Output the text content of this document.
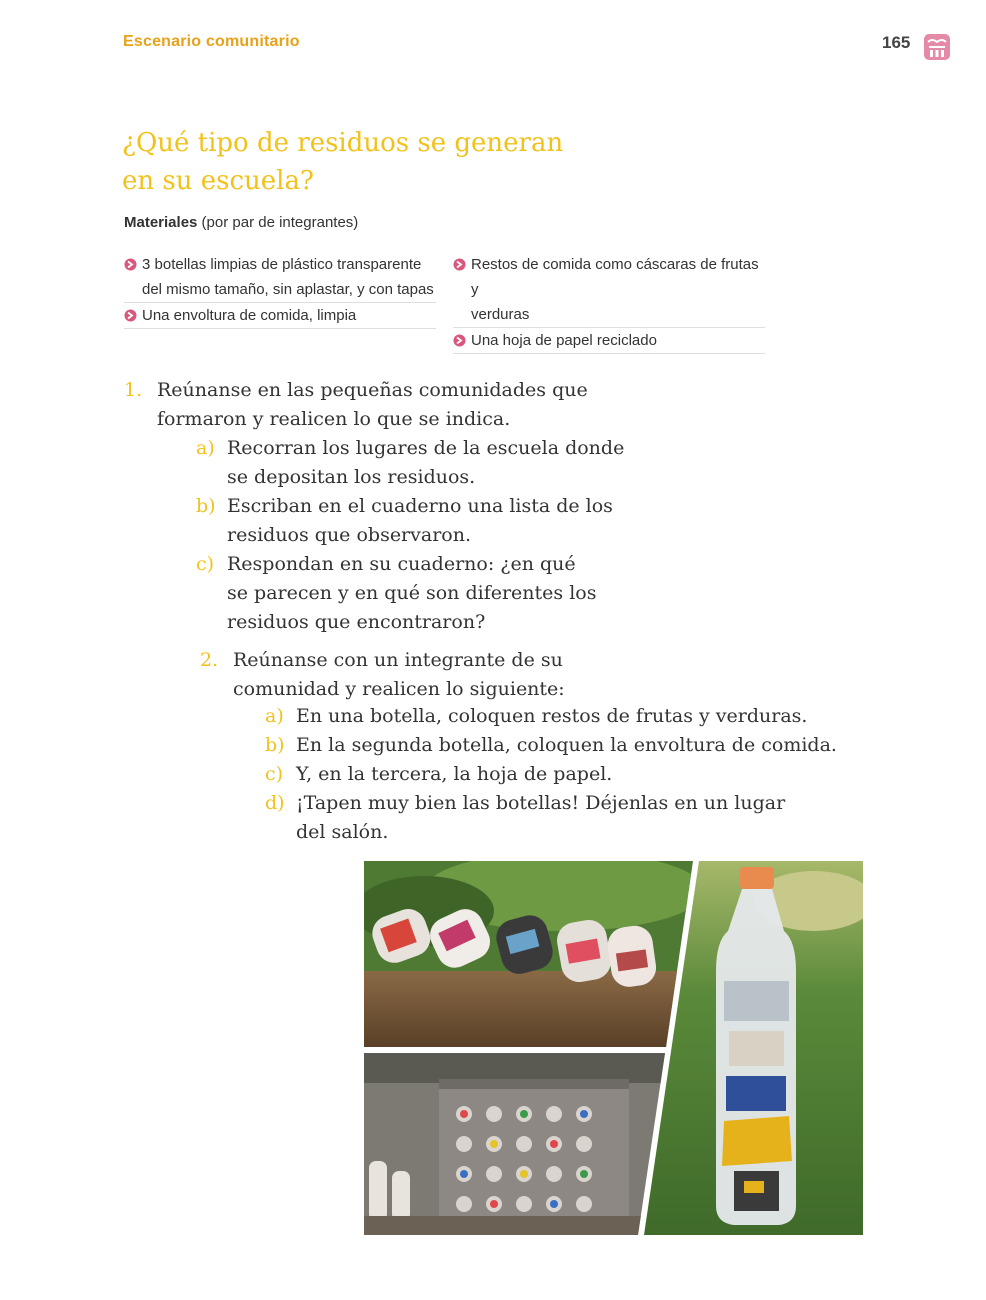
Escenario comunitario	165
¿Qué tipo de residuos se generan
en su escuela?
Materiales (por par de integrantes)
3 botellas limpias de plástico transparente
del mismo tamaño, sin aplastar, y con tapas
Una envoltura de comida, limpia
Restos de comida como cáscaras de frutas y
verduras
Una hoja de papel reciclado
1. Reúnanse en las pequeñas comunidades que
formaron y realicen lo que se indica.
a) Recorran los lugares de la escuela donde
se depositan los residuos.
b) Escriban en el cuaderno una lista de los
residuos que observaron.
c) Respondan en su cuaderno: ¿en qué
se parecen y en qué son diferentes los
residuos que encontraron?
2. Reúnanse con un integrante de su
comunidad y realicen lo siguiente:
a) En una botella, coloquen restos de frutas y verduras.
b) En la segunda botella, coloquen la envoltura de comida.
c) Y, en la tercera, la hoja de papel.
d) ¡Tapen muy bien las botellas! Déjenlas en un lugar
del salón.
